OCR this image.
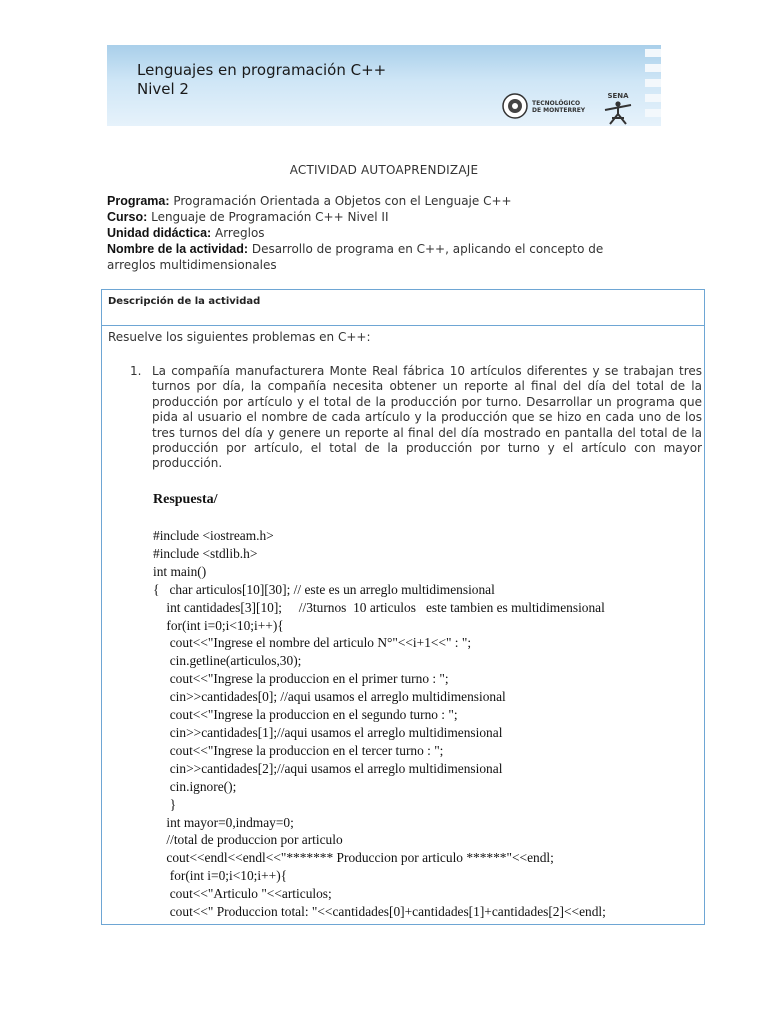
Lenguajes en programación C++
Nivel 2
TECNOLÓGICO
DE MONTERREY
SENA
ACTIVIDAD AUTOAPRENDIZAJE
Programa: Programación Orientada a Objetos con el Lenguaje C++
Curso: Lenguaje de Programación C++ Nivel II
Unidad didáctica: Arreglos
Nombre de la actividad: Desarrollo de programa en C++, aplicando el concepto de
arreglos multidimensionales
Descripción de la actividad
Resuelve los siguientes problemas en C++:
1. La compañía manufacturera Monte Real fábrica 10 artículos diferentes y se trabajan tres turnos por día, la compañía necesita obtener un reporte al final del día del total de la producción por artículo y el total de la producción por turno. Desarrollar un programa que pida al usuario el nombre de cada artículo y la producción que se hizo en cada uno de los tres turnos del día y genere un reporte al final del día mostrado en pantalla del total de la producción por artículo, el total de la producción por turno y el artículo con mayor producción.
Respuesta/
#include <iostream.h>
#include <stdlib.h>
int main()
{   char articulos[10][30]; // este es un arreglo multidimensional
int cantidades[3][10];     //3turnos  10 articulos   este tambien es multidimensional
for(int i=0;i<10;i++){
cout<<"Ingrese el nombre del articulo N°"<<i+1<<" : ";
cin.getline(articulos,30);
cout<<"Ingrese la produccion en el primer turno : ";
cin>>cantidades[0]; //aqui usamos el arreglo multidimensional
cout<<"Ingrese la produccion en el segundo turno : ";
cin>>cantidades[1];//aqui usamos el arreglo multidimensional
cout<<"Ingrese la produccion en el tercer turno : ";
cin>>cantidades[2];//aqui usamos el arreglo multidimensional
cin.ignore();
}
int mayor=0,indmay=0;
//total de produccion por articulo
cout<<endl<<endl<<"******* Produccion por articulo ******"<<endl;
for(int i=0;i<10;i++){
cout<<"Articulo "<<articulos;
cout<<" Produccion total: "<<cantidades[0]+cantidades[1]+cantidades[2]<<endl;
